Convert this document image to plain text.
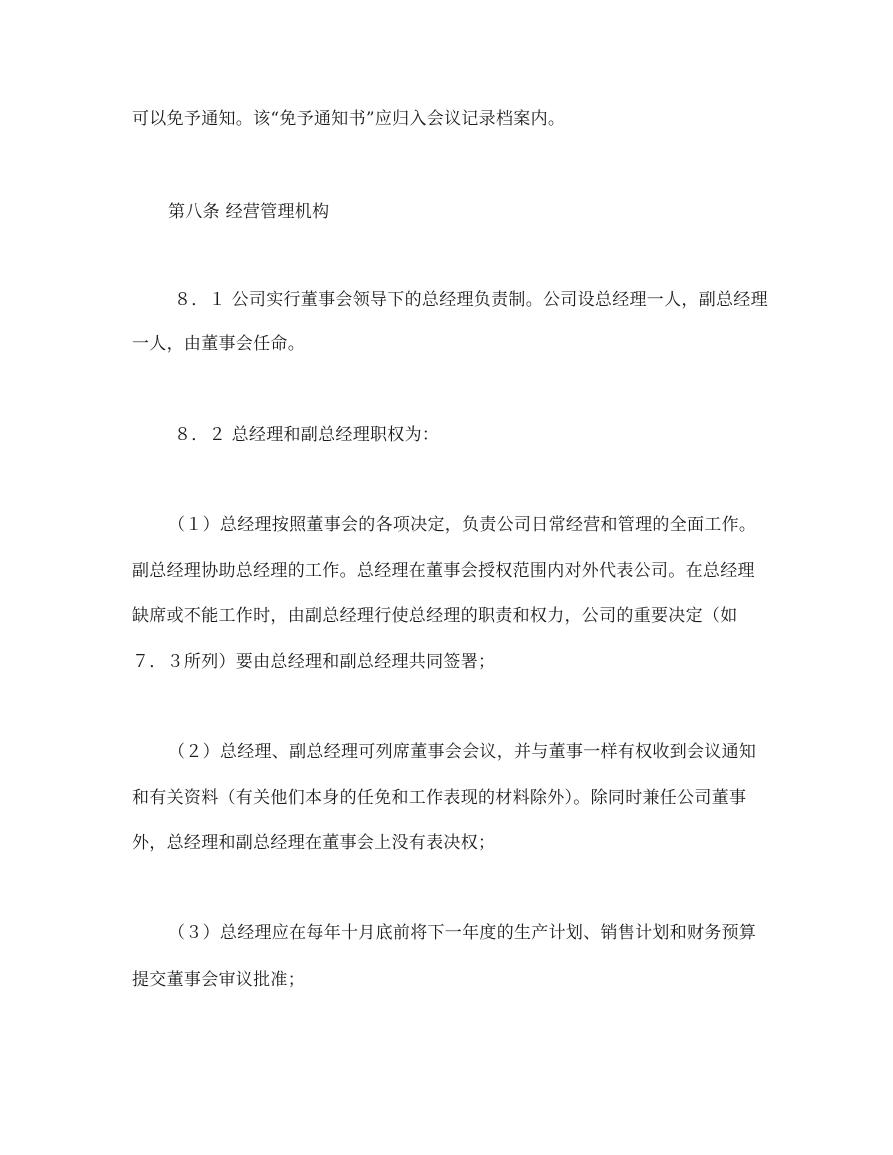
可以免予通知。该“免予通知书”应归入会议记录档案内。
第八条 经营管理机构
８．１ 公司实行董事会领导下的总经理负责制。公司设总经理一人，副总经理
一人，由董事会任命。
８．２ 总经理和副总经理职权为：
（１）总经理按照董事会的各项决定，负责公司日常经营和管理的全面工作。
副总经理协助总经理的工作。总经理在董事会授权范围内对外代表公司。在总经理
缺席或不能工作时，由副总经理行使总经理的职责和权力，公司的重要决定（如
７．３所列）要由总经理和副总经理共同签署；
（２）总经理、副总经理可列席董事会会议，并与董事一样有权收到会议通知
和有关资料（有关他们本身的任免和工作表现的材料除外）。除同时兼任公司董事
外，总经理和副总经理在董事会上没有表决权；
（３）总经理应在每年十月底前将下一年度的生产计划、销售计划和财务预算
提交董事会审议批准；
